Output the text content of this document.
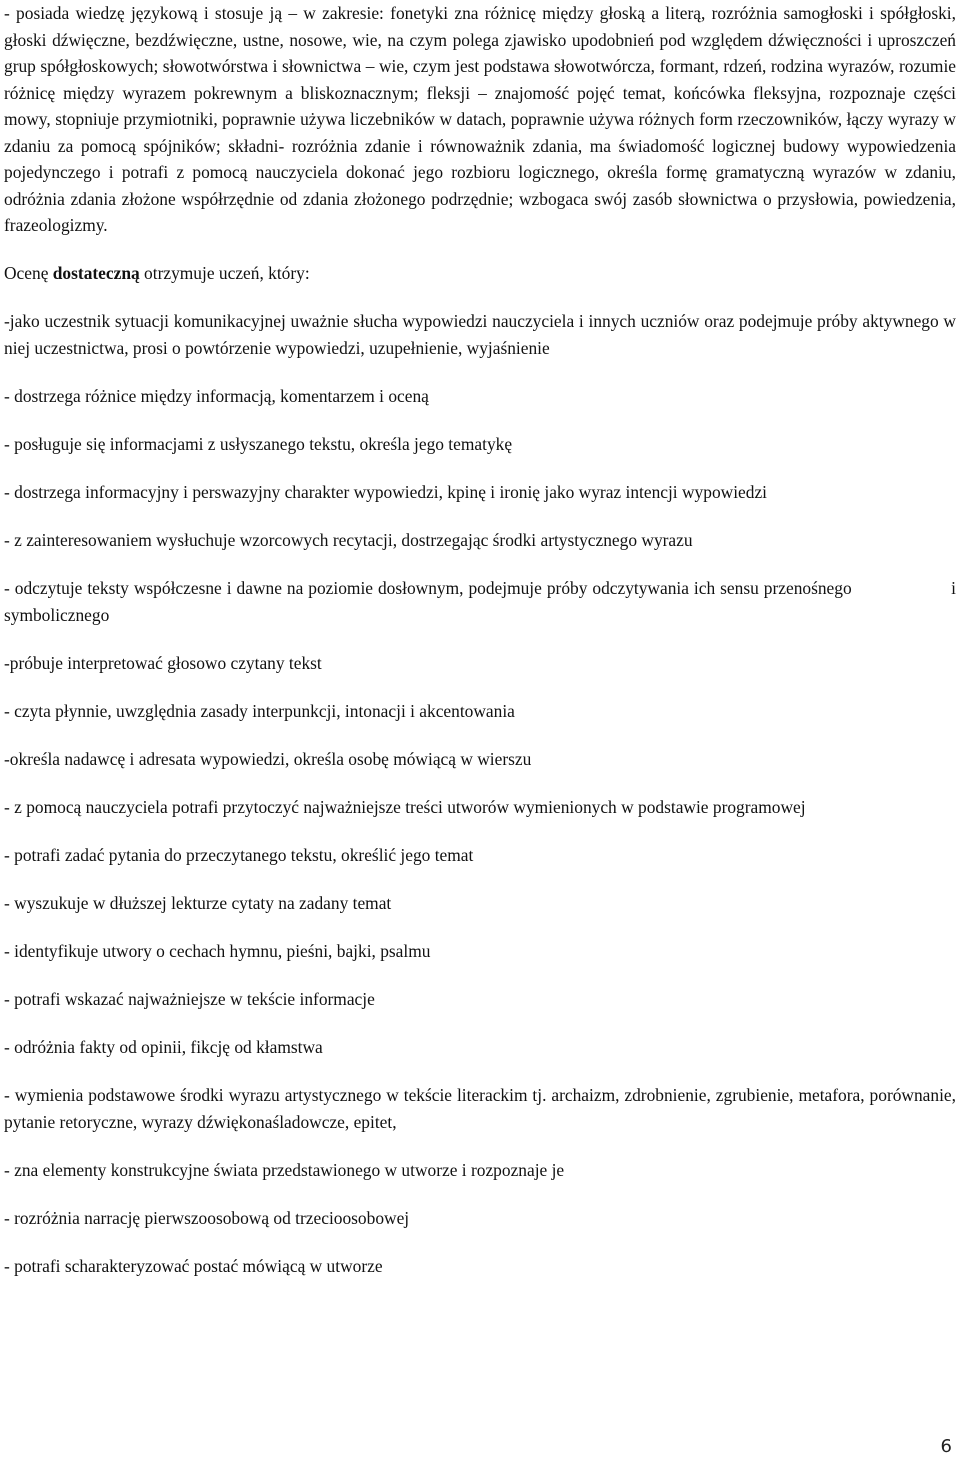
- posiada wiedzę językową i stosuje ją – w zakresie: fonetyki zna różnicę między głoską a literą, rozróżnia samogłoski i spółgłoski, głoski dźwięczne, bezdźwięczne, ustne, nosowe, wie, na czym polega zjawisko upodobnień pod względem dźwięczności i uproszczeń grup spółgłoskowych; słowotwórstwa i słownictwa – wie, czym jest podstawa słowotwórcza, formant, rdzeń, rodzina wyrazów, rozumie różnicę między wyrazem pokrewnym a bliskoznacznym; fleksji – znajomość pojęć temat, końcówka fleksyjna, rozpoznaje części mowy, stopniuje przymiotniki, poprawnie używa liczebników w datach, poprawnie używa różnych form rzeczowników, łączy wyrazy w zdaniu za pomocą spójników; składni- rozróżnia zdanie i równoważnik zdania, ma świadomość logicznej budowy wypowiedzenia pojedynczego i potrafi z pomocą nauczyciela dokonać jego rozbioru logicznego, określa formę gramatyczną wyrazów w zdaniu, odróżnia zdania złożone współrzędnie od zdania złożonego podrzędnie; wzbogaca swój zasób słownictwa o przysłowia, powiedzenia, frazeologizmy.

Ocenę dostateczną otrzymuje uczeń, który:

-jako uczestnik sytuacji komunikacyjnej uważnie słucha wypowiedzi nauczyciela i innych uczniów oraz podejmuje próby aktywnego w niej uczestnictwa, prosi o powtórzenie wypowiedzi, uzupełnienie, wyjaśnienie

- dostrzega różnice między informacją, komentarzem i oceną

- posługuje się informacjami z usłyszanego tekstu, określa jego tematykę

- dostrzega informacyjny i perswazyjny charakter wypowiedzi, kpinę i ironię jako wyraz intencji wypowiedzi

- z zainteresowaniem wysłuchuje wzorcowych recytacji, dostrzegając środki artystycznego wyrazu

- odczytuje teksty współczesne i dawne na poziomie dosłownym, podejmuje próby odczytywania ich sensu przenośnego                    i symbolicznego

-próbuje interpretować głosowo czytany tekst

- czyta płynnie, uwzględnia zasady interpunkcji, intonacji i akcentowania

-określa nadawcę i adresata wypowiedzi, określa osobę mówiącą w wierszu

- z pomocą nauczyciela potrafi przytoczyć najważniejsze treści utworów wymienionych w podstawie programowej

- potrafi zadać pytania do przeczytanego tekstu, określić jego temat

- wyszukuje w dłuższej lekturze cytaty na zadany temat

- identyfikuje utwory o cechach hymnu, pieśni, bajki, psalmu

- potrafi wskazać najważniejsze w tekście informacje

- odróżnia fakty od opinii, fikcję od kłamstwa

- wymienia podstawowe środki wyrazu artystycznego w tekście literackim tj. archaizm, zdrobnienie, zgrubienie, metafora, porównanie, pytanie retoryczne, wyrazy dźwiękonaśladowcze, epitet,

- zna elementy konstrukcyjne świata przedstawionego w utworze i rozpoznaje je

- rozróżnia narrację pierwszoosobową od trzecioosobowej

- potrafi scharakteryzować postać mówiącą w utworze

6
